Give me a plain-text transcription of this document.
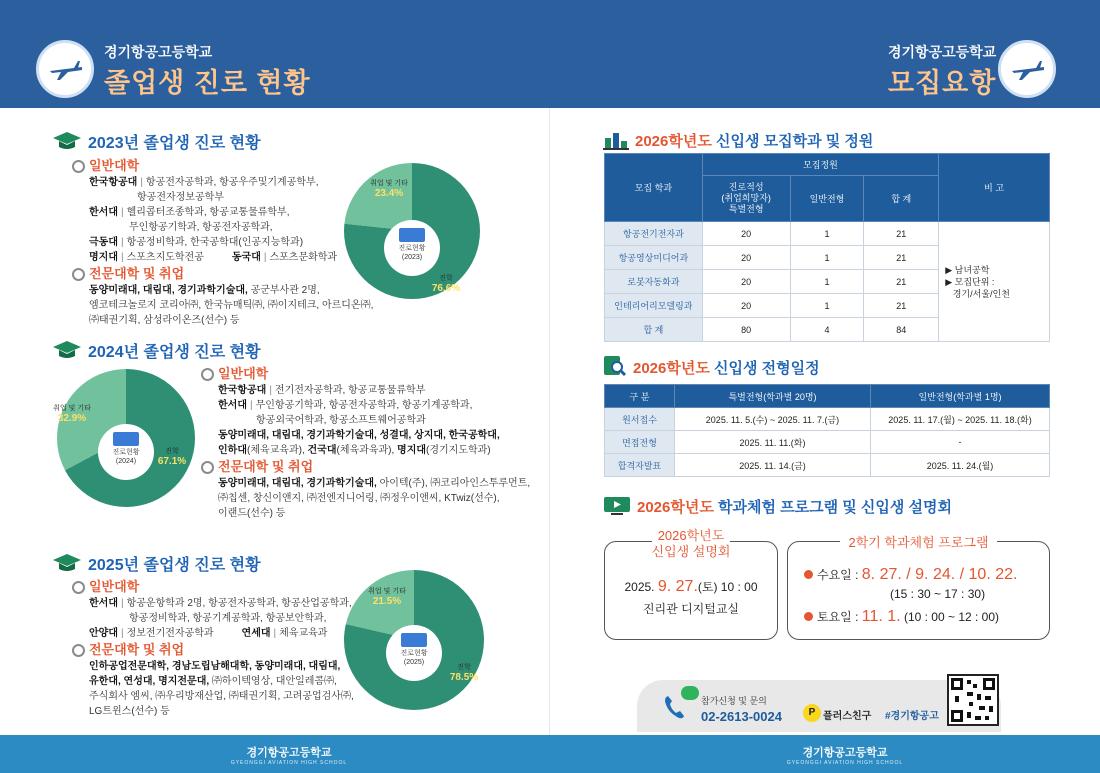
경기항공고등학교
졸업생 진로 현황
경기항공고등학교
모집요항
2023년 졸업생 진로 현황
일반대학
한국항공대 | 항공전자공학과, 항공우주및기계공학부,
항공전자정보공학부
한서대 | 헬리콥터조종학과, 항공교통물류학부,
무인항공기학과, 항공전자공학과,
극동대 | 항공정비학과, 한국공학대(인공지능학과)
명지대 | 스포츠지도학전공	동국대 | 스포츠문화학과
전문대학 및 취업
동양미래대, 대림대, 경기과학기술대, 공군부사관 2명,
엠코테크놀로지 코리아㈜, 한국뉴매틱㈜, ㈜이지테크, 아르디온㈜,
㈜태권기획, 삼성라이온즈(선수) 등
진로현황
(2023)
취업 및 기타
23.4%
진학
76.6%
2024년 졸업생 진로 현황
진로현황
(2024)
취업 및 기타
32.9%
진학
67.1%
일반대학
한국항공대 | 전기전자공학과, 항공교통물류학부
한서대 | 무인항공기학과, 항공전자공학과, 항공기계공학과,
항공외국어학과, 항공소프트웨어공학과
동양미래대, 대림대, 경기과학기술대, 성결대, 상지대, 한국공학대,
인하대(체육교육과), 건국대(체육과육과), 명지대(경기지도학과)
전문대학 및 취업
동양미래대, 대림대, 경기과학기술대, 아이텍(주), ㈜코리아인스투루먼트,
㈜칩센, 창신이앤지, ㈜전엔지니어링, ㈜정우이앤씨, KTwiz(선수),
이랜드(선수) 등
2025년 졸업생 진로 현황
일반대학
한서대 | 항공운항학과 2명, 항공전자공학과, 항공산업공학과,
항공정비학과, 항공기계공학과, 항공보안학과,
안양대 | 정보전기전자공학과	연세대 | 체육교육과
전문대학 및 취업
인하공업전문대학, 경남도립남해대학, 동양미래대, 대림대,
유한대, 연성대, 명지전문대, ㈜하이텍영상, 대안일레콤㈜,
주식회사 엠씨, ㈜우리방재산업, ㈜태권기획, 고려공업검사㈜,
LG트윈스(선수) 등
진로현황
(2025)
취업 및 기타
21.5%
진학
78.5%
2026학년도 신입생 모집학과 및 정원
모집 학과	모집정원			비 고
	진로적성
(취업희망자)
특별전형	일반전형	합 계	
항공전기전자과	20	1	21	▶ 남녀공학
▶ 모집단위 :
경기/서울/인천
항공영상미디어과	20	1	21	
로봇자동화과	20	1	21	
인테리어리모델링과	20	1	21	
합 계	80	4	84	
2026학년도 신입생 전형일정
구 분	특별전형(학과별 20명)	일반전형(학과별 1명)
원서접수	2025. 11. 5.(수) ~ 2025. 11. 7.(금)	2025. 11. 17.(월) ~ 2025. 11. 18.(화)
면접전형	2025. 11. 11.(화)	-
합격자발표	2025. 11. 14.(금)	2025. 11. 24.(월)
2026학년도 학과체험 프로그램 및 신입생 설명회
2026학년도
신입생 설명회
2025. 9. 27.(토) 10 : 00
진리관 디지털교실
2학기 학과체험 프로그램
수요일 : 8. 27. / 9. 24. / 10. 22.
(15 : 30 ~ 17 : 30)
토요일 : 11. 1. (10 : 00 ~ 12 : 00)
참가신청 및 문의
02-2613-0024	P 플러스친구 #경기항공고
경기항공고등학교
GYEONGGI AVIATION HIGH SCHOOL
경기항공고등학교
GYEONGGI AVIATION HIGH SCHOOL
